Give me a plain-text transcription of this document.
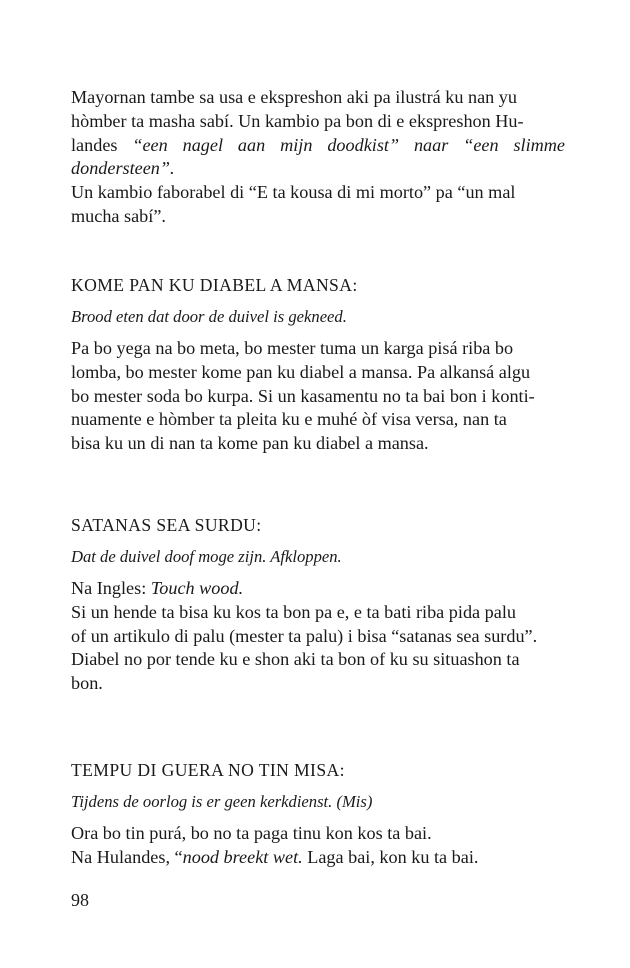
Mayornan tambe sa usa e ekspreshon aki pa ilustrá ku nan yu
hòmber ta masha sabí. Un kambio pa bon di e ekspreshon Hu-
landes “een nagel aan mijn doodkist” naar “een slimme dondersteen”.
Un kambio faborabel di “E ta kousa di mi morto” pa “un mal
mucha sabí”.
KOME PAN KU DIABEL A MANSA:
Brood eten dat door de duivel is gekneed.
Pa bo yega na bo meta, bo mester tuma un karga pisá riba bo
lomba, bo mester kome pan ku diabel a mansa. Pa alkansá algu
bo mester soda bo kurpa. Si un kasamentu no ta bai bon i konti-
nuamente e hòmber ta pleita ku e muhé òf visa versa, nan ta
bisa ku un di nan ta kome pan ku diabel a mansa.
SATANAS SEA SURDU:
Dat de duivel doof moge zijn. Afkloppen.
Na Ingles: Touch wood.
Si un hende ta bisa ku kos ta bon pa e, e ta bati riba pida palu
of un artikulo di palu (mester ta palu) i bisa “satanas sea surdu”.
Diabel no por tende ku e shon aki ta bon of ku su situashon ta
bon.
TEMPU DI GUERA NO TIN MISA:
Tijdens de oorlog is er geen kerkdienst. (Mis)
Ora bo tin purá, bo no ta paga tinu kon kos ta bai.
Na Hulandes, “nood breekt wet. Laga bai, kon ku ta bai.
98
